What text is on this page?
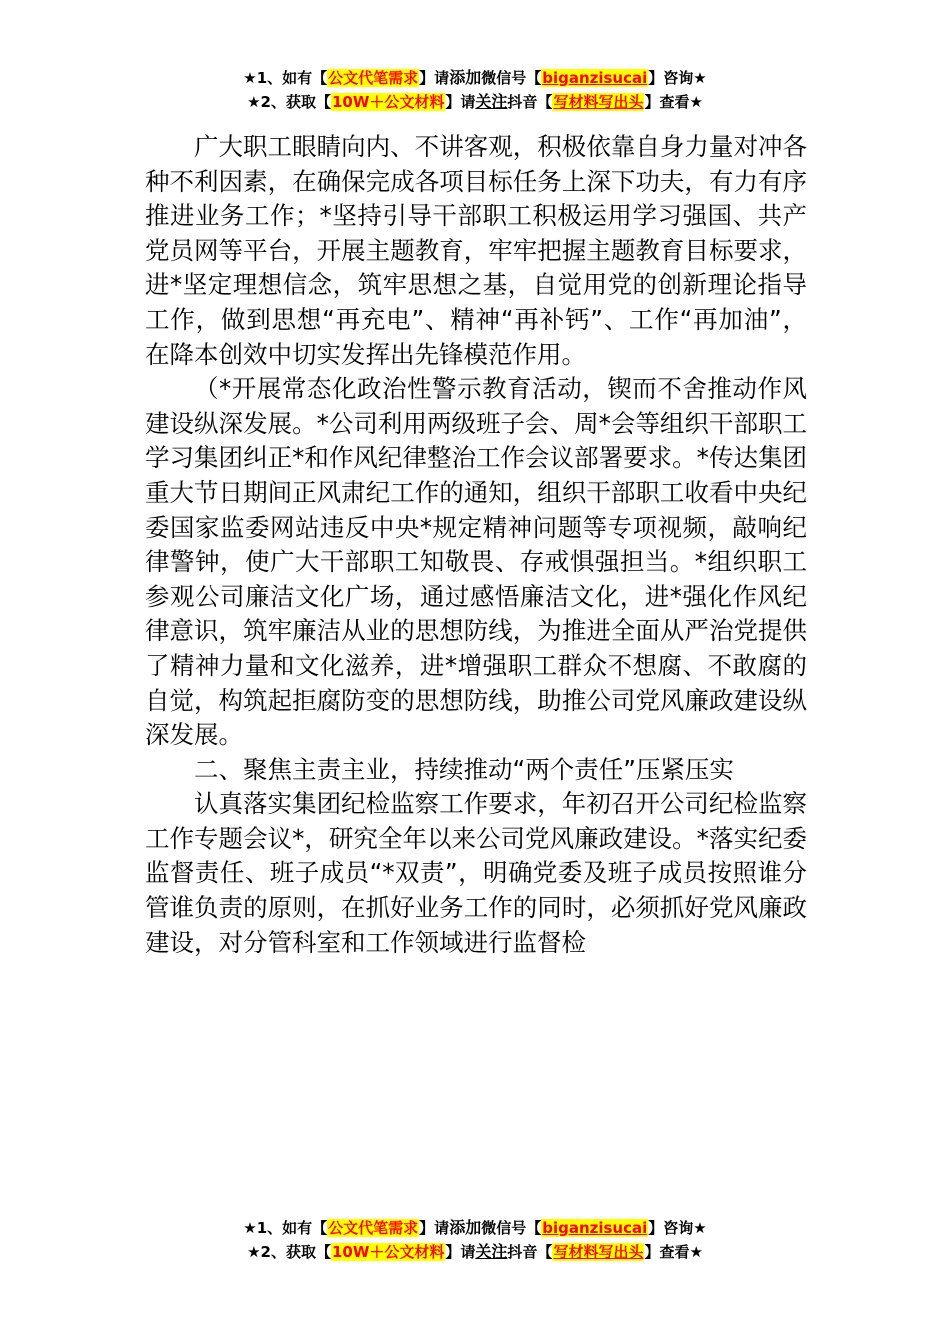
★1、如有【公文代笔需求】请添加微信号【biganzisucai】咨询★
★2、获取【10W＋公文材料】请关注抖音【写材料写出头】查看★

广大职工眼睛向内、不讲客观，积极依靠自身力量对冲各种不利因素，在确保完成各项目标任务上深下功夫，有力有序推进业务工作；*坚持引导干部职工积极运用学习强国、共产党员网等平台，开展主题教育，牢牢把握主题教育目标要求，进*坚定理想信念，筑牢思想之基，自觉用党的创新理论指导工作，做到思想“再充电”、精神“再补钙”、工作“再加油”，在降本创效中切实发挥出先锋模范作用。

（*开展常态化政治性警示教育活动，锲而不舍推动作风建设纵深发展。*公司利用两级班子会、周*会等组织干部职工学习集团纠正*和作风纪律整治工作会议部署要求。*传达集团重大节日期间正风肃纪工作的通知，组织干部职工收看中央纪委国家监委网站违反中央*规定精神问题等专项视频，敲响纪律警钟，使广大干部职工知敬畏、存戒惧强担当。*组织职工参观公司廉洁文化广场，通过感悟廉洁文化，进*强化作风纪律意识，筑牢廉洁从业的思想防线，为推进全面从严治党提供了精神力量和文化滋养，进*增强职工群众不想腐、不敢腐的自觉，构筑起拒腐防变的思想防线，助推公司党风廉政建设纵深发展。

二、聚焦主责主业，持续推动“两个责任”压紧压实

认真落实集团纪检监察工作要求，年初召开公司纪检监察工作专题会议*，研究全年以来公司党风廉政建设。*落实纪委监督责任、班子成员“*双责”，明确党委及班子成员按照谁分管谁负责的原则，在抓好业务工作的同时，必须抓好党风廉政建设，对分管科室和工作领域进行监督检

★1、如有【公文代笔需求】请添加微信号【biganzisucai】咨询★
★2、获取【10W＋公文材料】请关注抖音【写材料写出头】查看★
